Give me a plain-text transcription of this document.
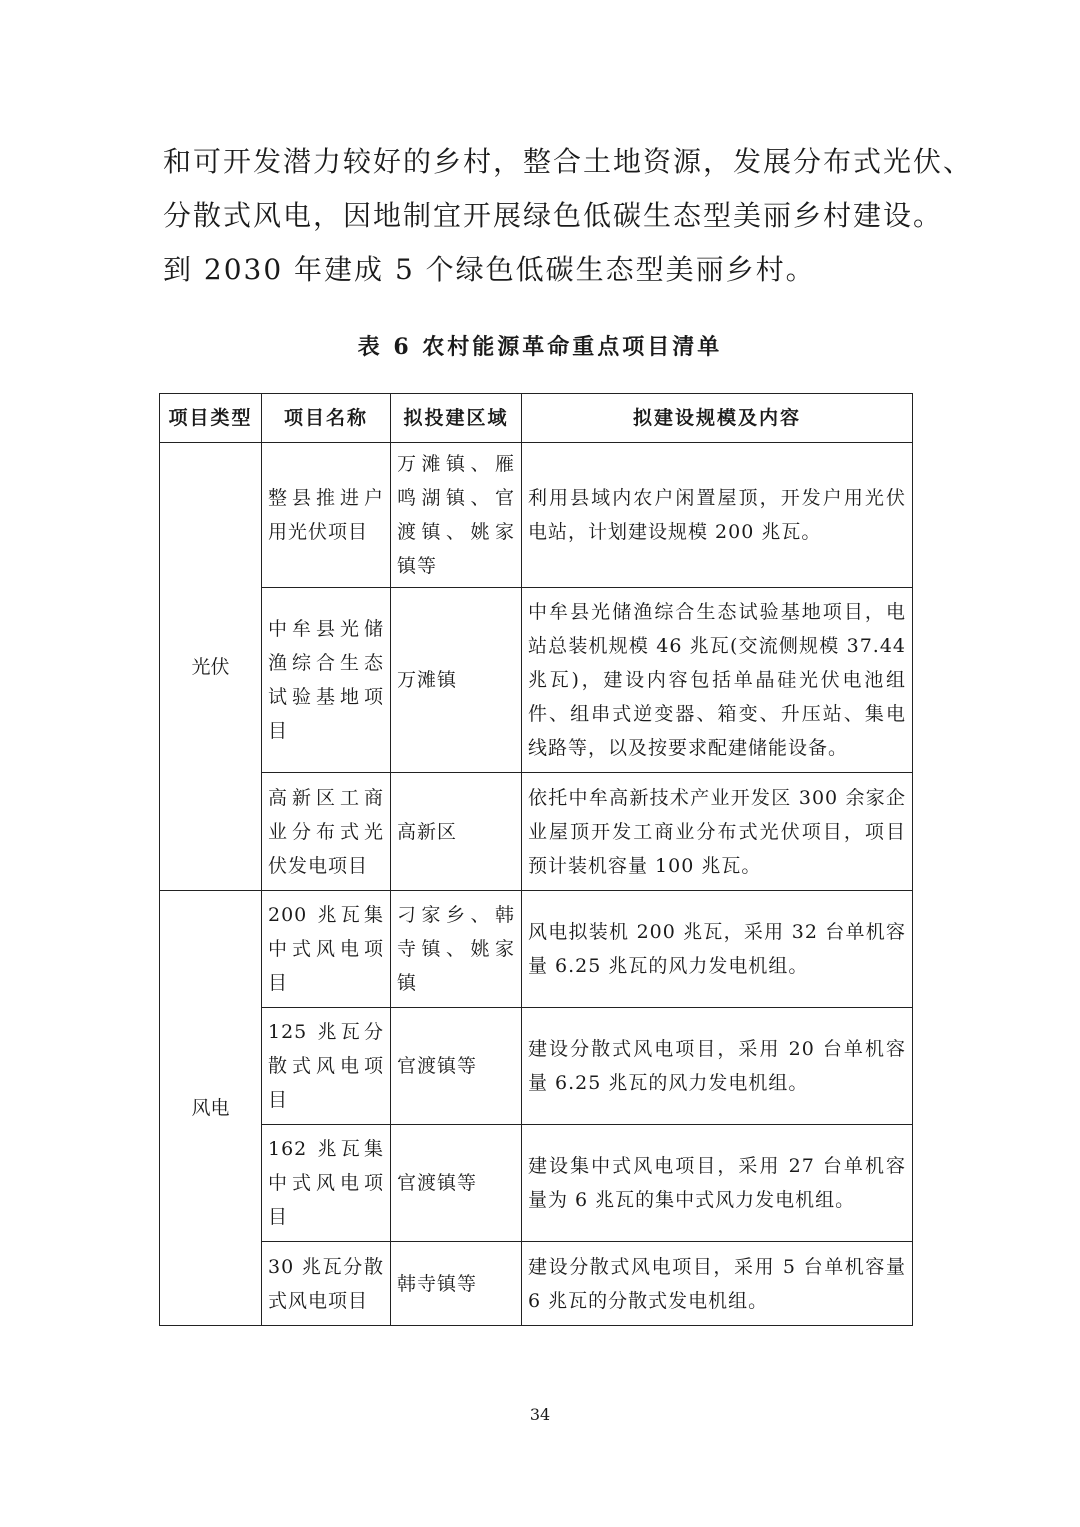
和可开发潜力较好的乡村，整合土地资源，发展分布式光伏、
分散式风电，因地制宜开展绿色低碳生态型美丽乡村建设。
到 2030 年建成 5 个绿色低碳生态型美丽乡村。
表 6 农村能源革命重点项目清单
项目类型	项目名称	拟投建区域	拟建设规模及内容
光伏	整县推进户用光伏项目	万滩镇、雁鸣湖镇、官渡镇、姚家镇等	利用县域内农户闲置屋顶，开发户用光伏电站，计划建设规模 200 兆瓦。
	中牟县光储渔综合生态试验基地项目	万滩镇	中牟县光储渔综合生态试验基地项目，电站总装机规模 46 兆瓦(交流侧规模 37.44 兆瓦)，建设内容包括单晶硅光伏电池组件、组串式逆变器、箱变、升压站、集电线路等，以及按要求配建储能设备。
	高新区工商业分布式光伏发电项目	高新区	依托中牟高新技术产业开发区 300 余家企业屋顶开发工商业分布式光伏项目，项目预计装机容量 100 兆瓦。
风电	200 兆瓦集中式风电项目	刁家乡、韩寺镇、姚家镇	风电拟装机 200 兆瓦，采用 32 台单机容量 6.25 兆瓦的风力发电机组。
	125 兆瓦分散式风电项目	官渡镇等	建设分散式风电项目，采用 20 台单机容量 6.25 兆瓦的风力发电机组。
	162 兆瓦集中式风电项目	官渡镇等	建设集中式风电项目，采用 27 台单机容量为 6 兆瓦的集中式风力发电机组。
	30 兆瓦分散式风电项目	韩寺镇等	建设分散式风电项目，采用 5 台单机容量 6 兆瓦的分散式发电机组。
34
